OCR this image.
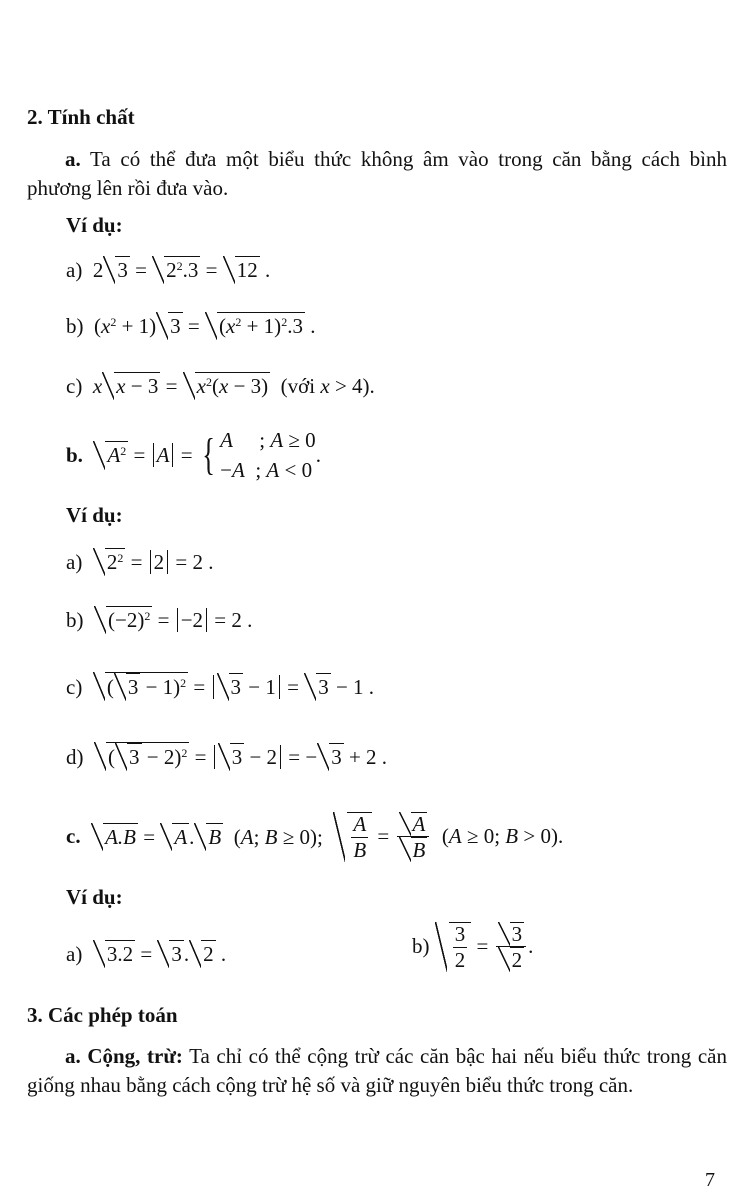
2. Tính chất
a. Ta có thể đưa một biểu thức không âm vào trong căn bằng cách bình phương lên rồi đưa vào.
Ví dụ:
a)  2 $3 = 2^2.3 = 12$ .
b)  $(x^2 + 1) 3 = (x^2 + 1)^2.3$ .
c) x $x - 3 = x^2(x - 3)$ (với x > 4).
b. $A^2 = A$ = { A     ; A ≥ 0
−A  ; A < 0.
Ví dụ:
a) $2^2 = 2 = 2$ .
b) $(-2)^2 = -2 = 2$ .
c) ( 3 − 1)$^2$ = 3 − 1 = 3 − 1 .
d) ( 3 − 2)$^2$ = 3 − 2 = − 3 + 2 .
c. A.B = A. B  (A; B ≥ 0); $\frac{A}{B} = \frac{A}{B} (A \ge 0$; B > 0).
Ví dụ:
a) 3.2 = 3. 2 .	$b) \frac{3}{2} = \frac{3}{2}$ .
3. Các phép toán
a. Cộng, trừ: Ta chỉ có thể cộng trừ các căn bậc hai nếu biểu thức trong căn giống nhau bằng cách cộng trừ hệ số và giữ nguyên biểu thức trong căn.
7
